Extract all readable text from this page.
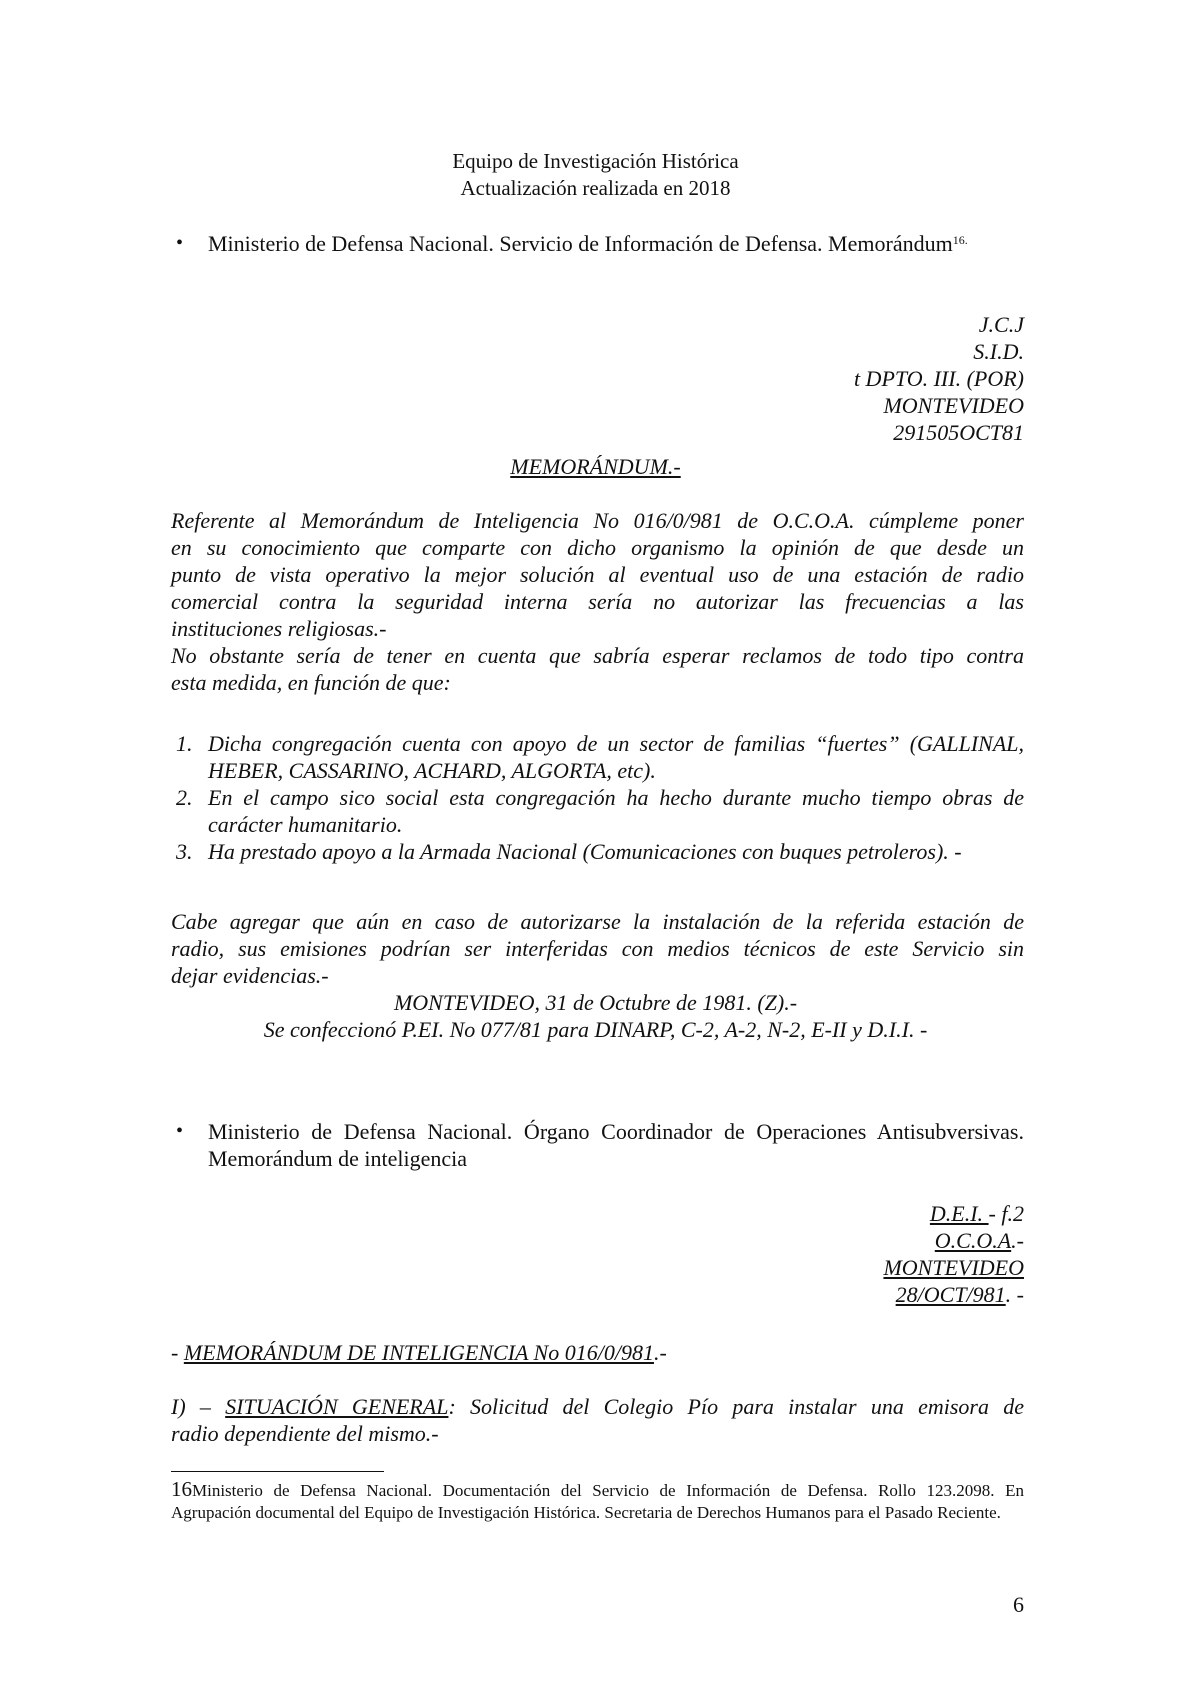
Equipo de Investigación Histórica
Actualización realizada en 2018
• Ministerio de Defensa Nacional. Servicio de Información de Defensa. Memorándum$^{16.}$
J.C.J
S.I.D.
t DPTO. III. (POR)
MONTEVIDEO
291505OCT81
MEMORÁNDUM.-
Referente al Memorándum de Inteligencia No 016/0/981 de O.C.O.A. cúmpleme poner
en su conocimiento que comparte con dicho organismo la opinión de que desde un
punto de vista operativo la mejor solución al eventual uso de una estación de radio
comercial contra la seguridad interna sería no autorizar las frecuencias a las
instituciones religiosas.-
No obstante sería de tener en cuenta que sabría esperar reclamos de todo tipo contra
esta medida, en función de que:
1. Dicha congregación cuenta con apoyo de un sector de familias “fuertes” (GALLINAL, HEBER, CASSARINO, ACHARD, ALGORTA, etc).
2. En el campo sico social esta congregación ha hecho durante mucho tiempo obras de carácter humanitario.
3. Ha prestado apoyo a la Armada Nacional (Comunicaciones con buques petroleros). -
Cabe agregar que aún en caso de autorizarse la instalación de la referida estación de
radio, sus emisiones podrían ser interferidas con medios técnicos de este Servicio sin
dejar evidencias.-
MONTEVIDEO, 31 de Octubre de 1981. (Z).-
Se confeccionó P.EI. No 077/81 para DINARP, C-2, A-2, N-2, E-II y D.I.I. -
• Ministerio de Defensa Nacional. Órgano Coordinador de Operaciones Antisubversivas. Memorándum de inteligencia
D.E.I. - f.2
O.C.O.A.-
MONTEVIDEO
28/OCT/981. -
- MEMORÁNDUM DE INTELIGENCIA No 016/0/981.-
I) – SITUACIÓN GENERAL: Solicitud del Colegio Pío para instalar una emisora de
radio dependiente del mismo.-
16Ministerio de Defensa Nacional. Documentación del Servicio de Información de Defensa. Rollo 123.2098. En Agrupación documental del Equipo de Investigación Histórica. Secretaria de Derechos Humanos para el Pasado Reciente.
6
